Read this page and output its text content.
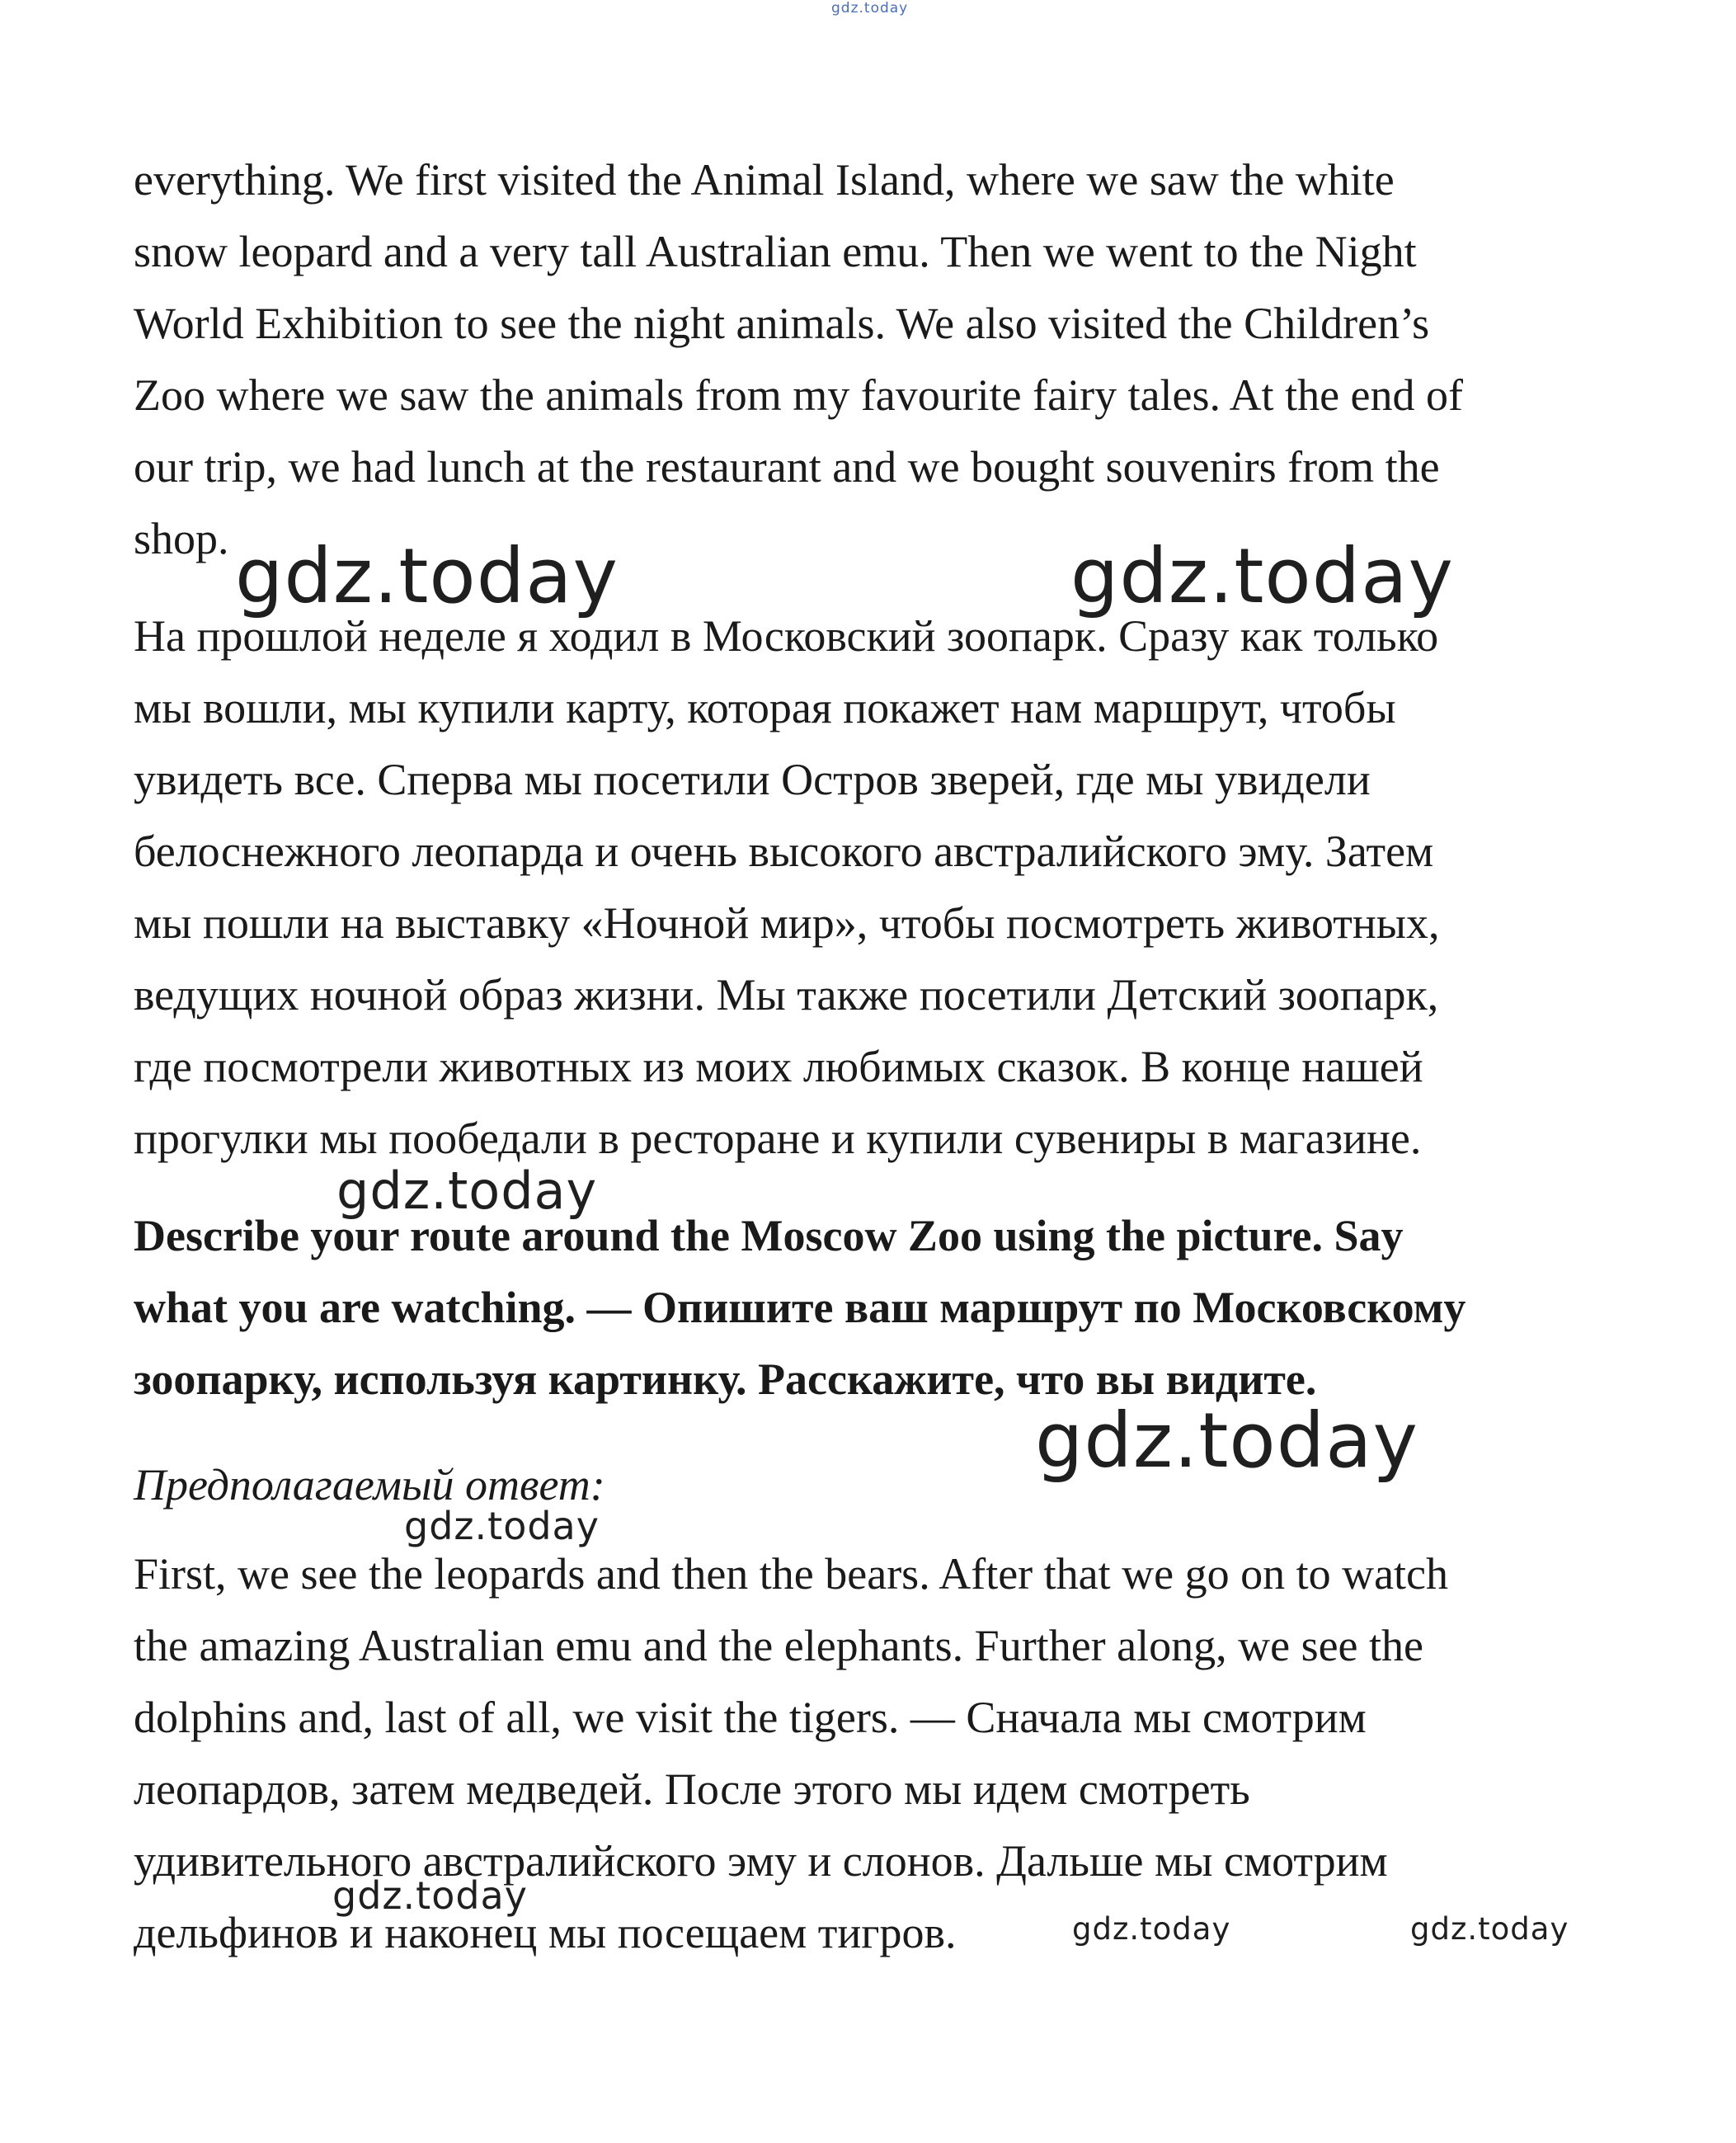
gdz.today

everything. We first visited the Animal Island, where we saw the white
snow leopard and a very tall Australian emu. Then we went to the Night
World Exhibition to see the night animals. We also visited the Children’s
Zoo where we saw the animals from my favourite fairy tales. At the end of
our trip, we had lunch at the restaurant and we bought souvenirs from the
shop. gdz.today	gdz.today

На прошлой неделе я ходил в Московский зоопарк. Сразу как только
мы вошли, мы купили карту, которая покажет нам маршрут, чтобы
увидеть все. Сперва мы посетили Остров зверей, где мы увидели
белоснежного леопарда и очень высокого австралийского эму. Затем
мы пошли на выставку «Ночной мир», чтобы посмотреть животных,
ведущих ночной образ жизни. Мы также посетили Детский зоопарк,
где посмотрели животных из моих любимых сказок. В конце нашей
прогулки мы пообедали в ресторане и купили сувениры в магазине.

gdz.today

Describe your route around the Moscow Zoo using the picture. Say
what you are watching. — Опишите ваш маршрут по Московскому
зоопарку, используя картинку. Расскажите, что вы видите.

gdz.today

Предполагаемый ответ:

gdz.today

First, we see the leopards and then the bears. After that we go on to watch
the amazing Australian emu and the elephants. Further along, we see the
dolphins and, last of all, we visit the tigers. — Сначала мы смотрим
леопардов, затем медведей. После этого мы идем смотреть
удивительного австралийского эму и слонов. Дальше мы смотрим
дельфинов и наконец мы посещаем тигров.

gdz.today
gdz.today	gdz.today
